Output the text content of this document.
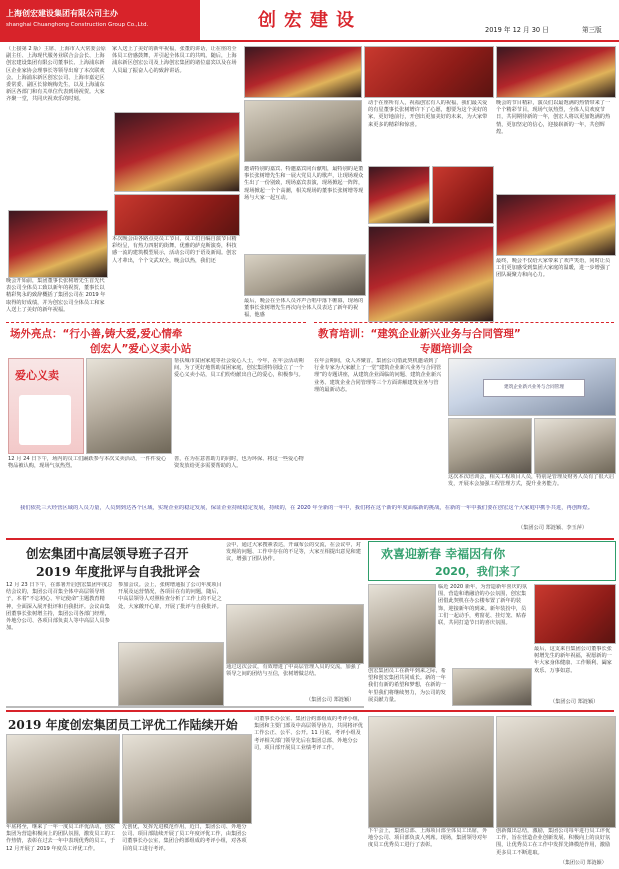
上海创宏建设集团有限公司主办
shanghai Chuanghong Construction Group Co.,Ltd.	创宏建设	2019 年 12 月 30 日	第三版
（上接第 2 版）主席、上海市人大常委会原副主任、上海现代服务业联合会会长、上海创宏建设集团有限公司董事长、上海浦东新区企业家协会理事长等领导出席了本次联欢会。上海浦东新区创宏公司、上海市嘉定区委常委、副区长徐婉梅先生，以及上海浦东新区各部门和有关单位代表到场祝贺。大家齐聚一堂，共同庆祝欢乐的时刻。
晚会开始前，集团董事长张树增先生首先代表公司全体员工致以新年的祝贺，董事长以精彩隽永的致辞概括了集团公司在 2019 年取得的好成绩，并为创宏公司全体员工和家人送上了美好的新年祝福。
家人送上了美好的新年祝福，张董的讲话，让在座的全体员工倍感鼓舞，并引起全体员工的共鸣。随后，上海浦东新区创宏公司及上海创宏集团的诸位嘉宾以及在场人员最了振奋人心的致辞讲话。
本次晚会由各路点亮员工节目，员工们自编自演节目精彩纷呈，有热力四射的街舞，优雅的萨克斯演奏，科技感一流的建筑模型展示，活动公司的于语及新闻。创宏人才辈出，个个文武双全，晚会以热，我们还
邀请特别的嘉宾、特邀嘉宾同台献唱，最特别的是董事长张树增先生和一展大党员人的歌声，让现场观众生出了一份别致，现场嘉宾表演，现场掀起一阵阵，现场掀起一个个高潮，相关现场的董事长张树增等现场与大家一起互动。
最后，晚会在全体人员齐声合唱中落下帷幕，现场的董事长张树增先生再次向全体人员表达了新年的祝福，他感
动于在座所有人，祝福创宏有人的祝福，我们最关爱的有星董事长张树增许下了心愿，想要为这个美好的家，更好地前行，开创出更加美好的未来，为大家带来更多的精彩和惊喜。
晚会的节目精彩，演员们以最饱满的热情带来了一个个精彩节目，现场气氛热烈，全体人员欢度节日，共同期待新的一年，创宏人将以更加饱满的热情，更加坚定的信心，迎接崭新的一年，共创辉煌。
最终，晚会不仅给大家带来了欢声笑语，同时让员工们更加感受到集团大家庭的温暖，进一步增强了团队凝聚力和向心力。
场外亮点：“行小善,铸大爱,爱心情牵
创宏人”爱心义卖小站
爱心义卖
帮扶城市贫困家庭等社会爱心人士，今年，在年会活动期间，为了更好地帮助贫困家庭，创宏集团特别设立了一个爱心义卖小站，员工们纷纷献出自己的爱心，积极参与。
12 月 24 日下午，场内的员工们踊跃参与本次义卖活动，一件件爱心物品被认购，现场气氛热烈。
善，在为在意善助力的同时，也为环保、将这一些爱心物资发放给更多需要帮助的人。
教育培训：“建筑企业新兴业务与合同管理”
专题培训会
在年会期间，众人齐聚首，集团公司借此契机邀请到了行业专家为大家献上了一堂“建筑企业新兴业务与合同管理”的专题讲座，从建筑企业面临的问题、建筑企业新兴业务、建筑企业合同管理等三个方面讲解建筑业务与管理的最新动态。	建筑企业新兴业务与合同管理
这次本次培训会，相关工程项目人员，特别是管理及财务人员有了很大启发，开展本会加强工程管理方式，提升业务能力。
我们依托三大经营区域的人员力量，人员到到达各个区域，实现企业的稳定发展，保证企业持续稳定发展，持续的，在 2020 年全新的一年中，我们将在这个新的年度面临新的挑战，在新的一年中我们要在创宏这个大家庭中携手共进，再创辉煌。
（集团公司 郑涟颖、李玉萍）
创宏集团中高层领导班子召开
2019 年度批评与自我批评会
12 月 23 日下午，在部署开启创宏集团年度总结会议的，集团公司召集全体中高层领导班子，本着“不忘初心、牢记使命”主题教育精神，全面深入展开批评和自我批评。会议由集团董事长张树增主持，集团公司各部门经理，外地分公司、各项目部负责人等中高层人员参加。
参加会议。会上，张树增通报了公司年度项目开展及运营情况，各项目在有的问题，随后，中高层领导人对照检查分析了工作上的不足之处，大家敞开心扉，开展了批评与自我批评。
会中，通过大家搜素表达，开诚布公的交流，在会议中，对发现的问题、工作中存在的不足等，大家互相提出意见和建议，增强了团队协作。
通过这次会议，有效增进了中高层管理人员的交流，加强了领导之间的团结与互信，张树增做总结。
（集团公司 郑涟颖）
欢喜迎新春 幸福因有你
2020，我们来了
临近 2020 新年，为营造新年喜庆的氛围，营造和谐融洽的办公氛围，创宏集团借此契机在办公楼布置了新年的装饰，迎接新年的到来。新年装扮中，员工们一起动手，剪窗花、挂灯笼、贴春联，共同打造节日的喜庆氛围。
创宏集团员工在新年到来之际，希望和创宏集团共同成长。新的一年我们有新的希望和梦想，在新的一年里我们将继续努力，为公司的发展贡献力量。
最后，这支来自集团公司董事长张树增先生的新年祝福，祝愿新的一年大家身体健康、工作顺利、阖家欢乐、万事如意。
（集团公司 郑涟颖）
2019 年度创宏集团员工评优工作陆续开始
年底将至，继来了一年一度员工评优活动，创宏集团为营造积极向上的团队氛围，激发员工的工作热情，表彰在过去一年中表现优秀的员工，于 12 月开展了 2019 年度员工评优工作。
先创优，发挥先进模范作用，近日，集团公司、外地分公司、项目部陆续开展了员工年度评优工作，由集团公司董事长办公室，集团合约部组成的考评小组，对各项目的员工进行考评。
司董事长办公室、集团合约部组成的考评小组，集团和主要门部及中高层领导协力，共同将评优工作公正、公平、公开。11 月底，考评小组及考评相关部门领导先后在集团总部、外地分公司，项目部开展员工业绩考评工作。
下午会上，集团总部、上海项目部全体员工出席，外地分公司、项目部负责人列席。现场，集团领导对年度员工优秀员工进行了表彰。
创新微出总结，激励，集团公司每年进行员工评优工作，旨在营造企业创新发展、积极向上的良好氛围，让优秀员工在工作中发挥先锋模范作用，激励更多员工不断进取。
（集团公司 郑涟颖）
